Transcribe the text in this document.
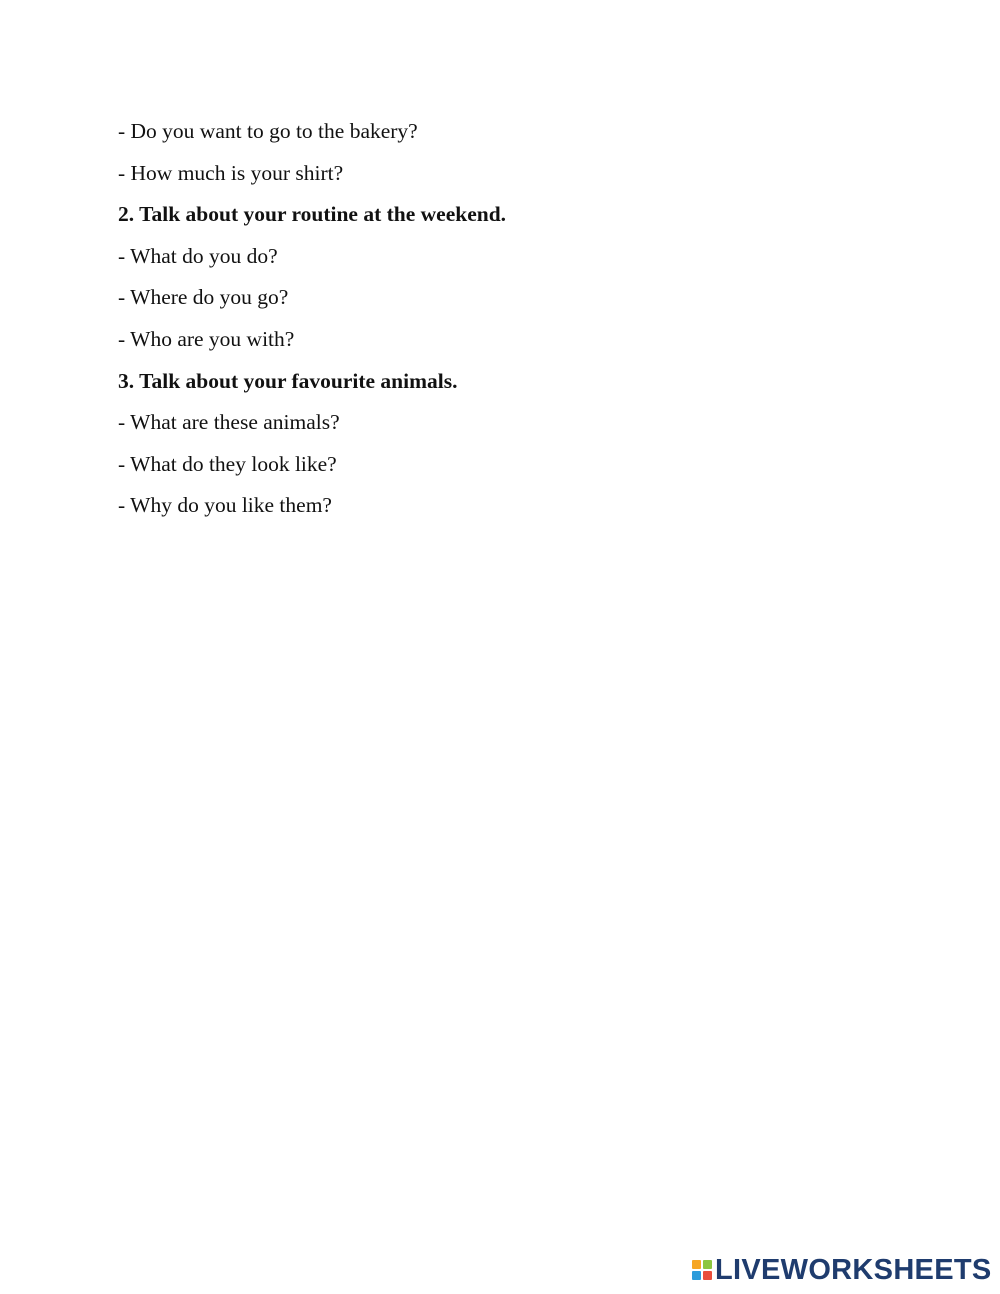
- Do you want to go to the bakery?
- How much is your shirt?
2. Talk about your routine at the weekend.
- What do you do?
- Where do you go?
- Who are you with?
3. Talk about your favourite animals.
- What are these animals?
- What do they look like?
- Why do you like them?
LIVEWORKSHEETS
